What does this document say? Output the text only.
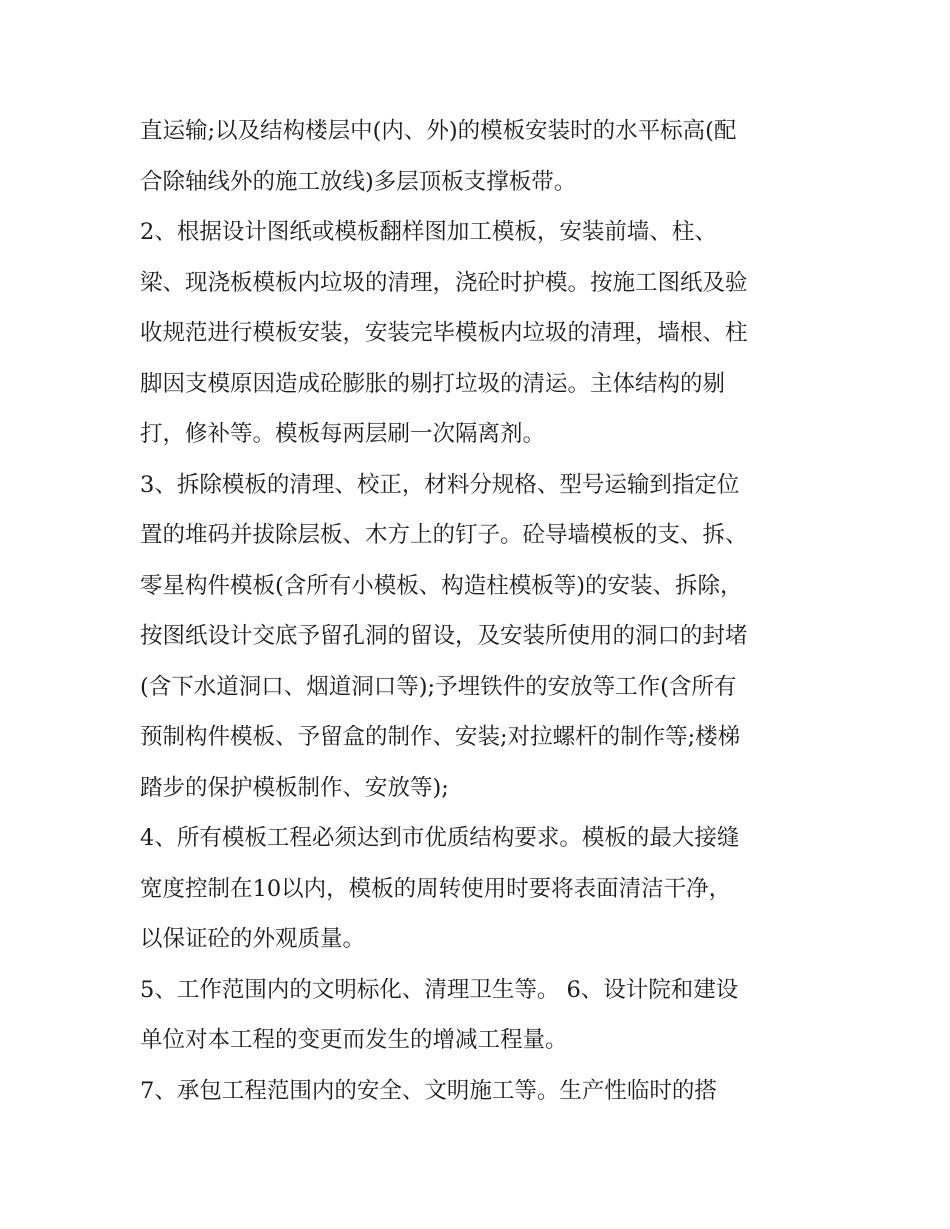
直运输;以及结构楼层中(内、外)的模板安装时的水平标高(配
合除轴线外的施工放线)多层顶板支撑板带。
2、根据设计图纸或模板翻样图加工模板，安装前墙、柱、
梁、现浇板模板内垃圾的清理，浇砼时护模。按施工图纸及验
收规范进行模板安装，安装完毕模板内垃圾的清理，墙根、柱
脚因支模原因造成砼膨胀的剔打垃圾的清运。主体结构的剔
打，修补等。模板每两层刷一次隔离剂。
3、拆除模板的清理、校正，材料分规格、型号运输到指定位
置的堆码并拔除层板、木方上的钉子。砼导墙模板的支、拆、
零星构件模板(含所有小模板、构造柱模板等)的安装、拆除，
按图纸设计交底予留孔洞的留设，及安装所使用的洞口的封堵
(含下水道洞口、烟道洞口等);予埋铁件的安放等工作(含所有
预制构件模板、予留盒的制作、安装;对拉螺杆的制作等;楼梯
踏步的保护模板制作、安放等);
4、所有模板工程必须达到市优质结构要求。模板的最大接缝
宽度控制在10以内，模板的周转使用时要将表面清洁干净，
以保证砼的外观质量。
5、工作范围内的文明标化、清理卫生等。 6、设计院和建设
单位对本工程的变更而发生的增减工程量。
7、承包工程范围内的安全、文明施工等。生产性临时的搭
